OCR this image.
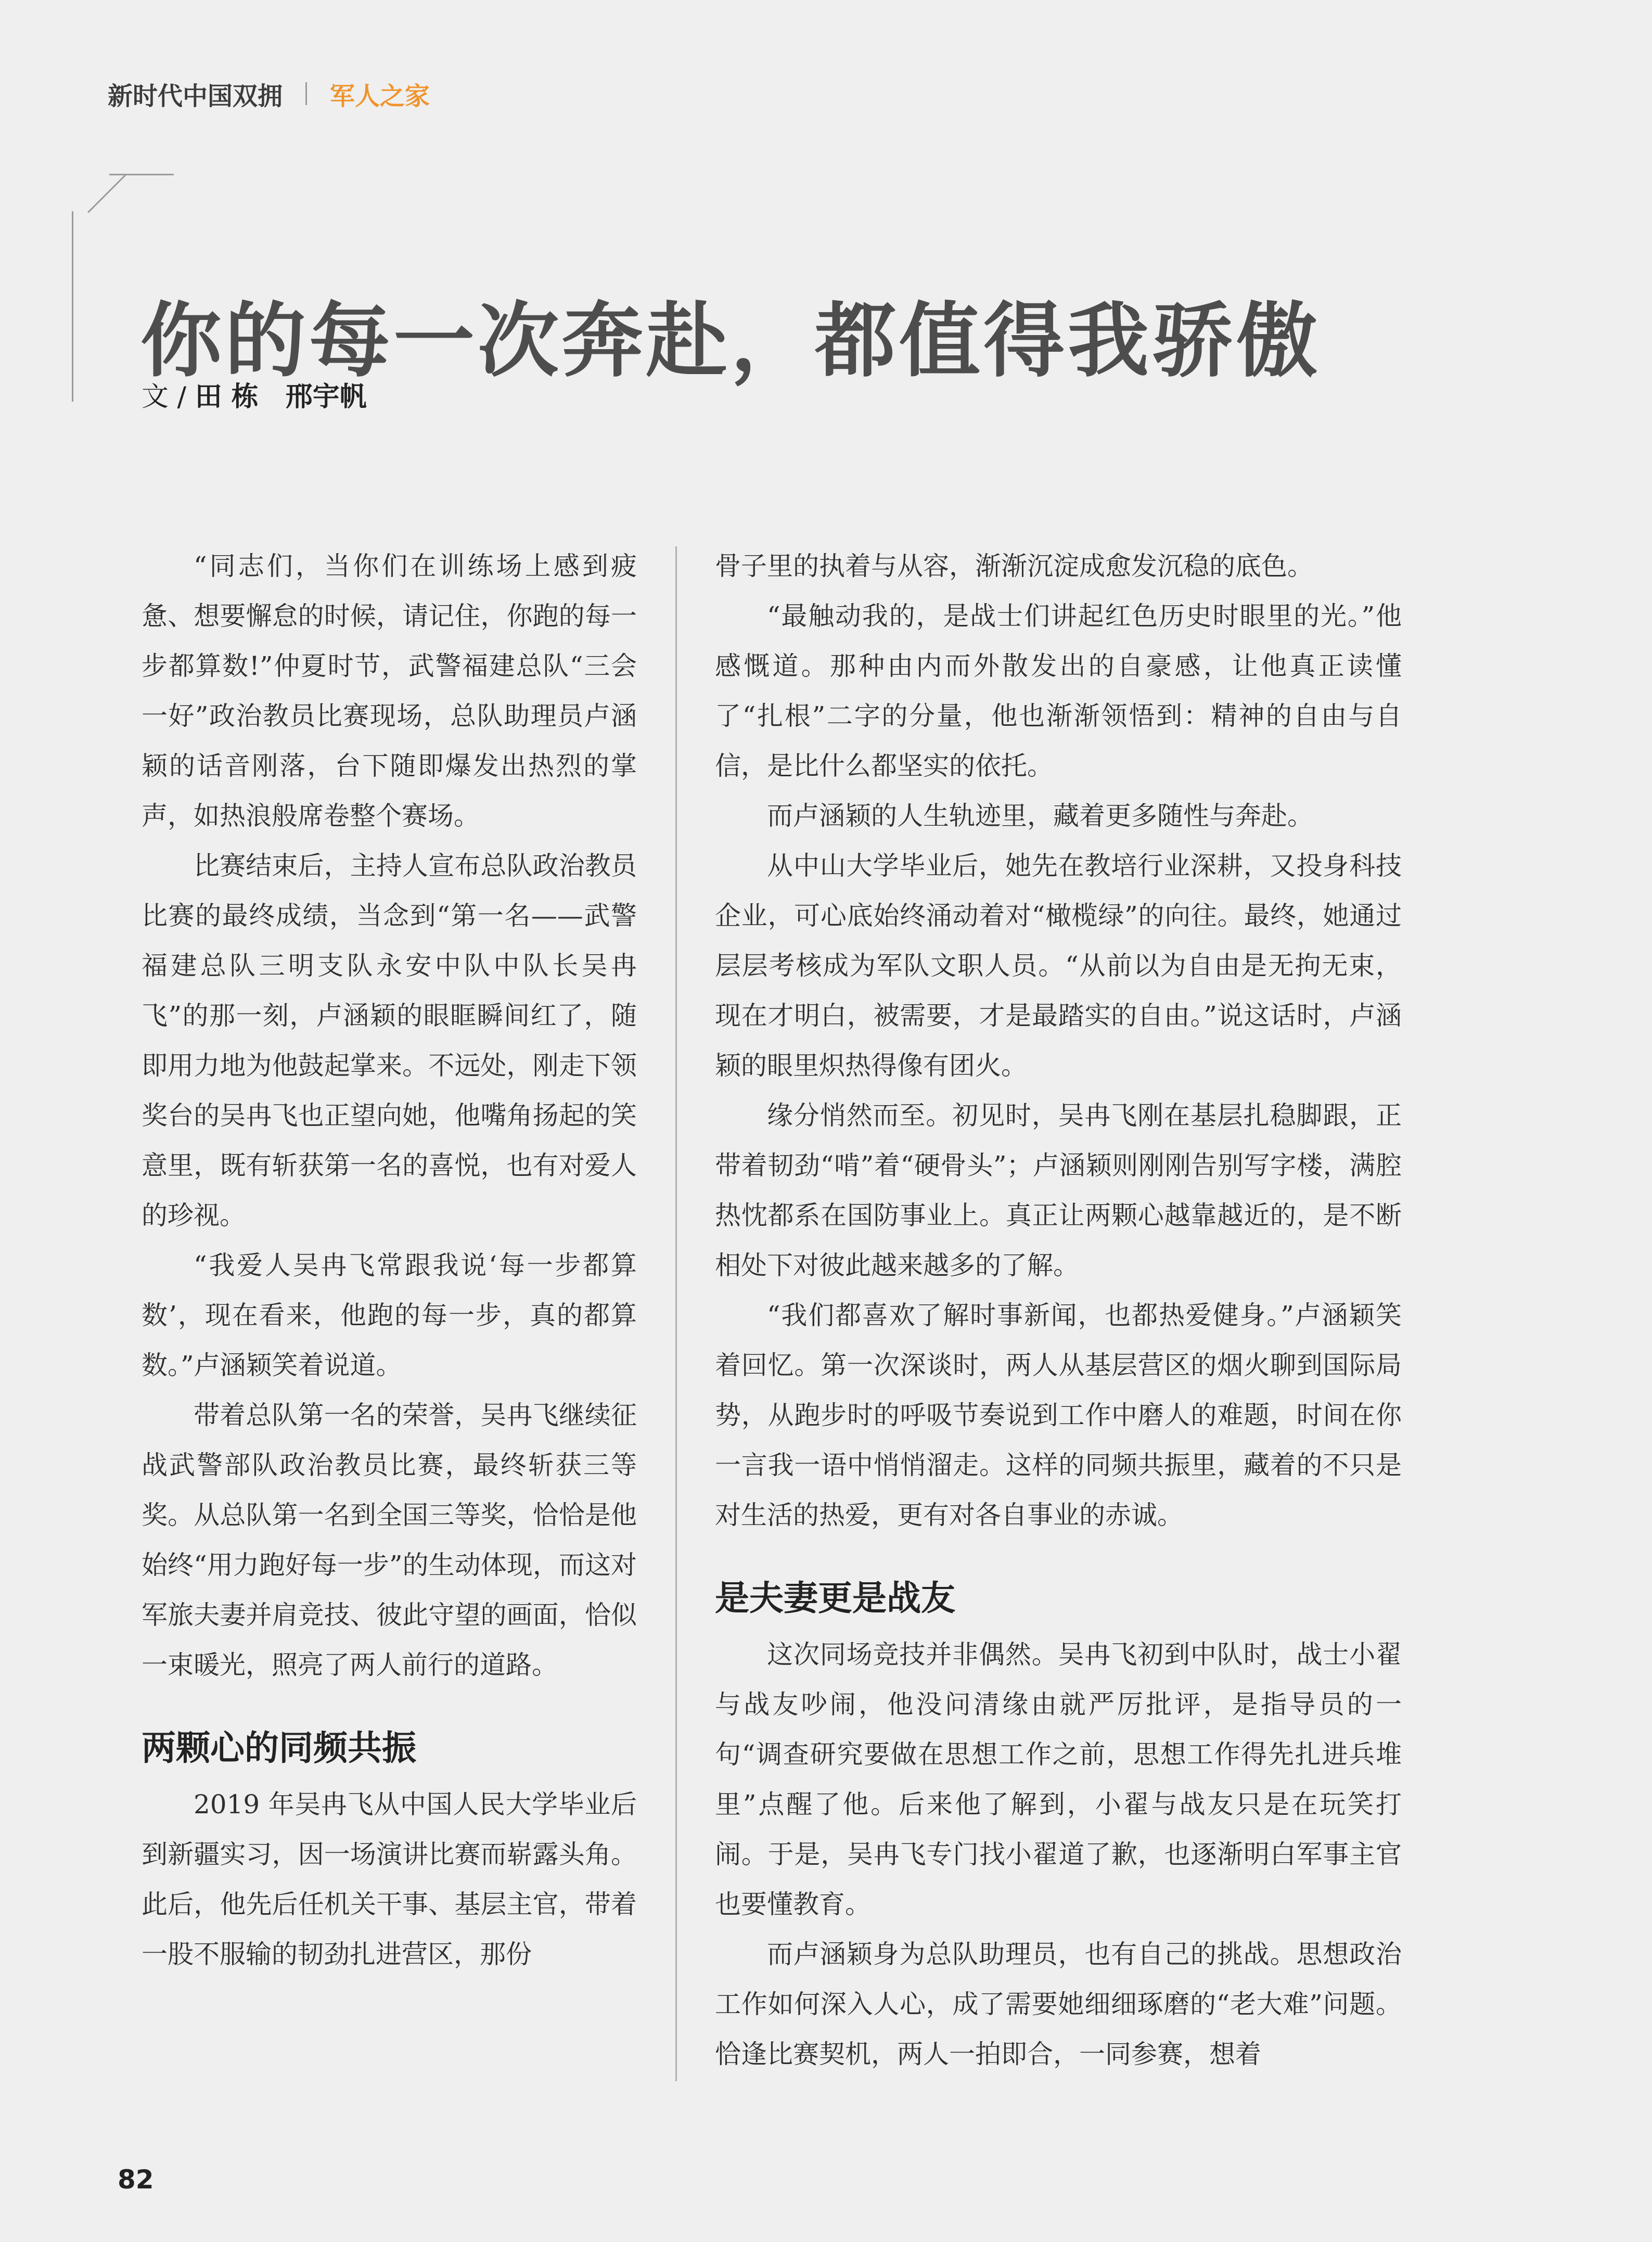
新时代中国双拥 军人之家
你的每一次奔赴，都值得我骄傲
文 / 田 栋　邢宇帆

“同志们，当你们在训练场上感到疲惫、想要懈怠的时候，请记住，你跑的每一步都算数!”仲夏时节，武警福建总队“三会一好”政治教员比赛现场，总队助理员卢涵颖的话音刚落，台下随即爆发出热烈的掌声，如热浪般席卷整个赛场。

比赛结束后，主持人宣布总队政治教员比赛的最终成绩，当念到“第一名——武警福建总队三明支队永安中队中队长吴冉飞”的那一刻，卢涵颖的眼眶瞬间红了，随即用力地为他鼓起掌来。不远处，刚走下领奖台的吴冉飞也正望向她，他嘴角扬起的笑意里，既有斩获第一名的喜悦，也有对爱人的珍视。

“我爱人吴冉飞常跟我说‘每一步都算数’，现在看来，他跑的每一步，真的都算数。”卢涵颖笑着说道。

带着总队第一名的荣誉，吴冉飞继续征战武警部队政治教员比赛，最终斩获三等奖。从总队第一名到全国三等奖，恰恰是他始终“用力跑好每一步”的生动体现，而这对军旅夫妻并肩竞技、彼此守望的画面，恰似一束暖光，照亮了两人前行的道路。

两颗心的同频共振

2019 年吴冉飞从中国人民大学毕业后到新疆实习，因一场演讲比赛而崭露头角。此后，他先后任机关干事、基层主官，带着一股不服输的韧劲扎进营区，那份

骨子里的执着与从容，渐渐沉淀成愈发沉稳的底色。

“最触动我的，是战士们讲起红色历史时眼里的光。”他感慨道。那种由内而外散发出的自豪感，让他真正读懂了“扎根”二字的分量，他也渐渐领悟到：精神的自由与自信，是比什么都坚实的依托。

而卢涵颖的人生轨迹里，藏着更多随性与奔赴。

从中山大学毕业后，她先在教培行业深耕，又投身科技企业，可心底始终涌动着对“橄榄绿”的向往。最终，她通过层层考核成为军队文职人员。“从前以为自由是无拘无束，现在才明白，被需要，才是最踏实的自由。”说这话时，卢涵颖的眼里炽热得像有团火。

缘分悄然而至。初见时，吴冉飞刚在基层扎稳脚跟，正带着韧劲“啃”着“硬骨头”；卢涵颖则刚刚告别写字楼，满腔热忱都系在国防事业上。真正让两颗心越靠越近的，是不断相处下对彼此越来越多的了解。

“我们都喜欢了解时事新闻，也都热爱健身。”卢涵颖笑着回忆。第一次深谈时，两人从基层营区的烟火聊到国际局势，从跑步时的呼吸节奏说到工作中磨人的难题，时间在你一言我一语中悄悄溜走。这样的同频共振里，藏着的不只是对生活的热爱，更有对各自事业的赤诚。

是夫妻更是战友

这次同场竞技并非偶然。吴冉飞初到中队时，战士小翟与战友吵闹，他没问清缘由就严厉批评，是指导员的一句“调查研究要做在思想工作之前，思想工作得先扎进兵堆里”点醒了他。后来他了解到，小翟与战友只是在玩笑打闹。于是，吴冉飞专门找小翟道了歉，也逐渐明白军事主官也要懂教育。

而卢涵颖身为总队助理员，也有自己的挑战。思想政治工作如何深入人心，成了需要她细细琢磨的“老大难”问题。恰逢比赛契机，两人一拍即合，一同参赛，想着

82
